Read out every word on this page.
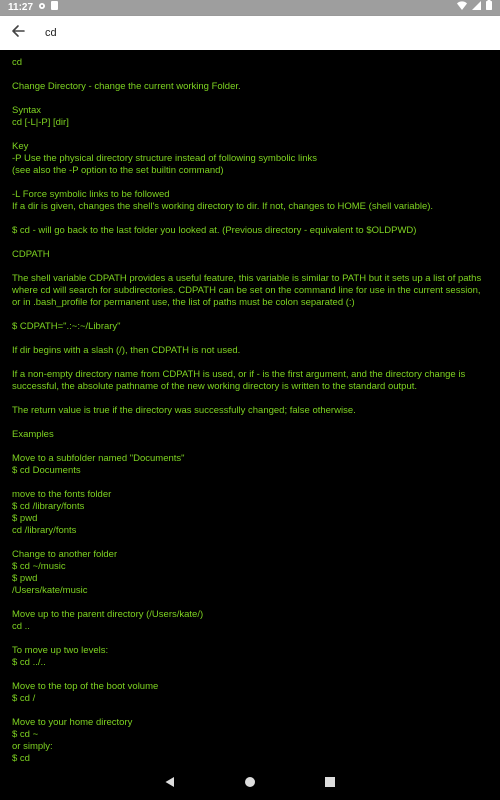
11:27
cd
cd
Change Directory - change the current working Folder.
Syntax
cd [-L|-P] [dir]
Key
-P Use the physical directory structure instead of following symbolic links
(see also the -P option to the set builtin command)
-L Force symbolic links to be followed
If a dir is given, changes the shell's working directory to dir. If not, changes to HOME (shell variable).
$ cd - will go back to the last folder you looked at. (Previous directory - equivalent to $OLDPWD)
CDPATH
The shell variable CDPATH provides a useful feature, this variable is similar to PATH but it sets up a list of paths where cd will search for subdirectories. CDPATH can be set on the command line for use in the current session, or in .bash_profile for permanent use, the list of paths must be colon separated (:)
$ CDPATH=".:~:~/Library"
If dir begins with a slash (/), then CDPATH is not used.
If a non-empty directory name from CDPATH is used, or if - is the first argument, and the directory change is successful, the absolute pathname of the new working directory is written to the standard output.
The return value is true if the directory was successfully changed; false otherwise.
Examples
Move to a subfolder named "Documents"
$ cd Documents
move to the fonts folder
$ cd /library/fonts
$ pwd
cd /library/fonts
Change to another folder
$ cd ~/music
$ pwd
/Users/kate/music
Move up to the parent directory (/Users/kate/)
cd ..
To move up two levels:
$ cd ../..
Move to the top of the boot volume
$ cd /
Move to your home directory
$ cd ~
or simply:
$ cd
